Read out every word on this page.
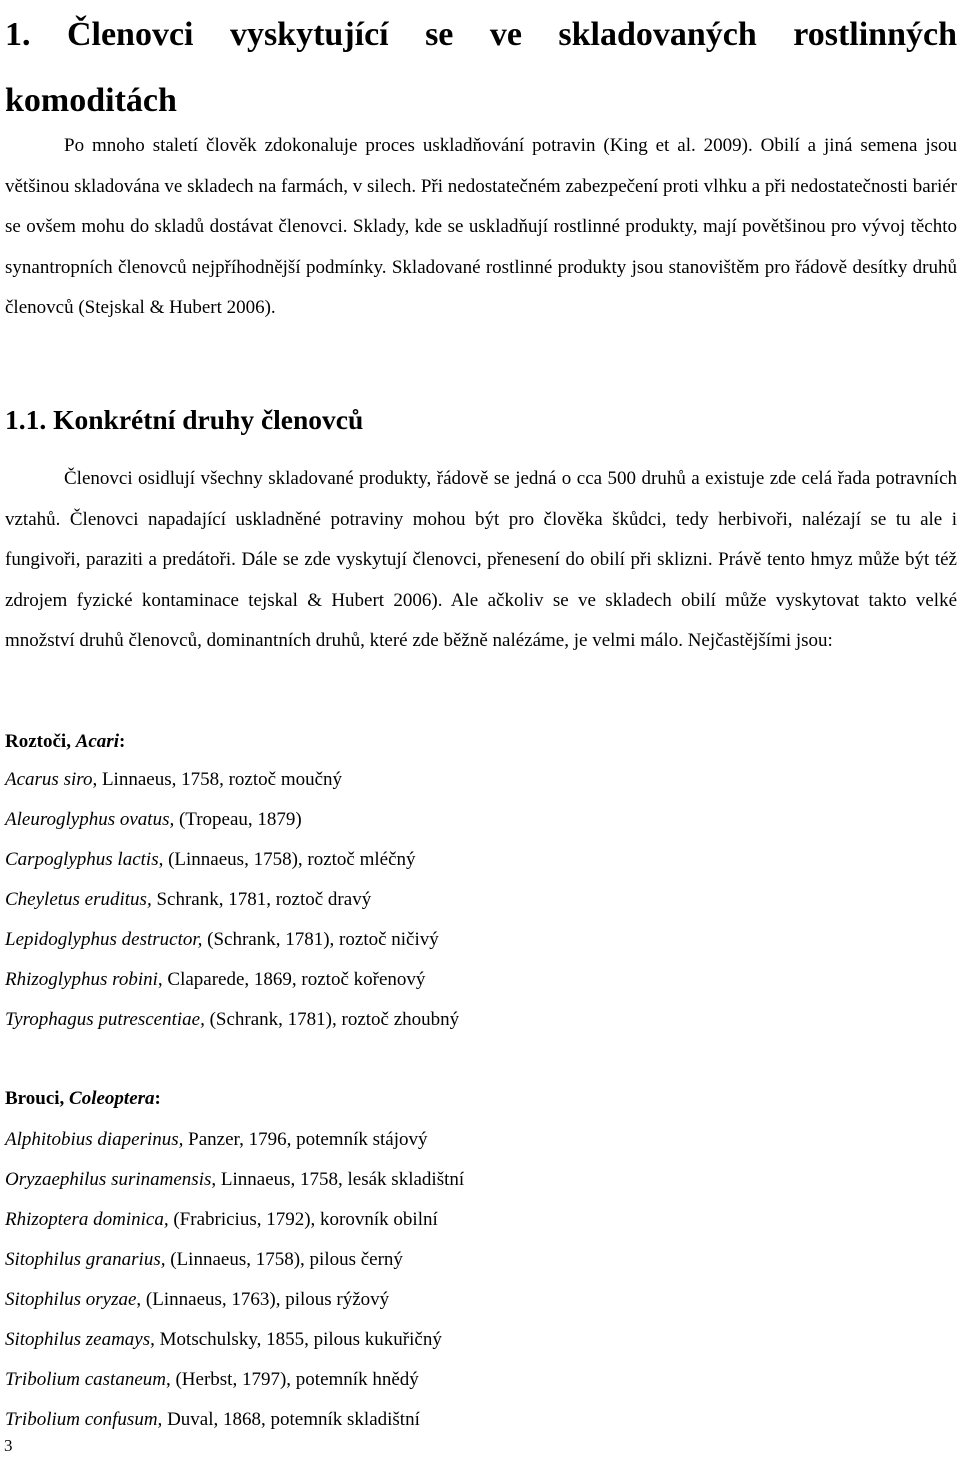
1. Členovci vyskytující se ve skladovaných rostlinných komoditách

Po mnoho staletí člověk zdokonaluje proces uskladňování potravin (King et al. 2009). Obilí a jiná semena jsou většinou skladována ve skladech na farmách, v silech. Při nedostatečném zabezpečení proti vlhku a při nedostatečnosti bariér se ovšem mohu do skladů dostávat členovci. Sklady, kde se uskladňují rostlinné produkty, mají povětšinou pro vývoj těchto synantropních členovců nejpříhodnější podmínky. Skladované rostlinné produkty jsou stanovištěm pro řádově desítky druhů členovců (Stejskal & Hubert 2006).

1.1. Konkrétní druhy členovců

Členovci osidlují všechny skladované produkty, řádově se jedná o cca 500 druhů a existuje zde celá řada potravních vztahů. Členovci napadající uskladněné potraviny mohou být pro člověka škůdci, tedy herbivoři, nalézají se tu ale i fungivoři, paraziti a predátoři. Dále se zde vyskytují členovci, přenesení do obilí při sklizni. Právě tento hmyz může být též zdrojem fyzické kontaminace tejskal & Hubert 2006). Ale ačkoliv se ve skladech obilí může vyskytovat takto velké množství druhů členovců, dominantních druhů, které zde běžně nalézáme, je velmi málo. Nejčastějšími jsou:

Roztoči, Acari:

Acarus siro, Linnaeus, 1758, roztoč moučný
Aleuroglyphus ovatus, (Tropeau, 1879)
Carpoglyphus lactis, (Linnaeus, 1758), roztoč mléčný
Cheyletus eruditus, Schrank, 1781, roztoč dravý
Lepidoglyphus destructor, (Schrank, 1781), roztoč ničivý
Rhizoglyphus robini, Claparede, 1869, roztoč kořenový
Tyrophagus putrescentiae, (Schrank, 1781), roztoč zhoubný

Brouci, Coleoptera:

Alphitobius diaperinus, Panzer, 1796, potemník stájový
Oryzaephilus surinamensis, Linnaeus, 1758, lesák skladištní
Rhizoptera dominica, (Frabricius, 1792), korovník obilní
Sitophilus granarius, (Linnaeus, 1758), pilous černý
Sitophilus oryzae, (Linnaeus, 1763), pilous rýžový
Sitophilus zeamays, Motschulsky, 1855, pilous kukuřičný
Tribolium castaneum, (Herbst, 1797), potemník hnědý
Tribolium confusum, Duval, 1868, potemník skladištní

3
